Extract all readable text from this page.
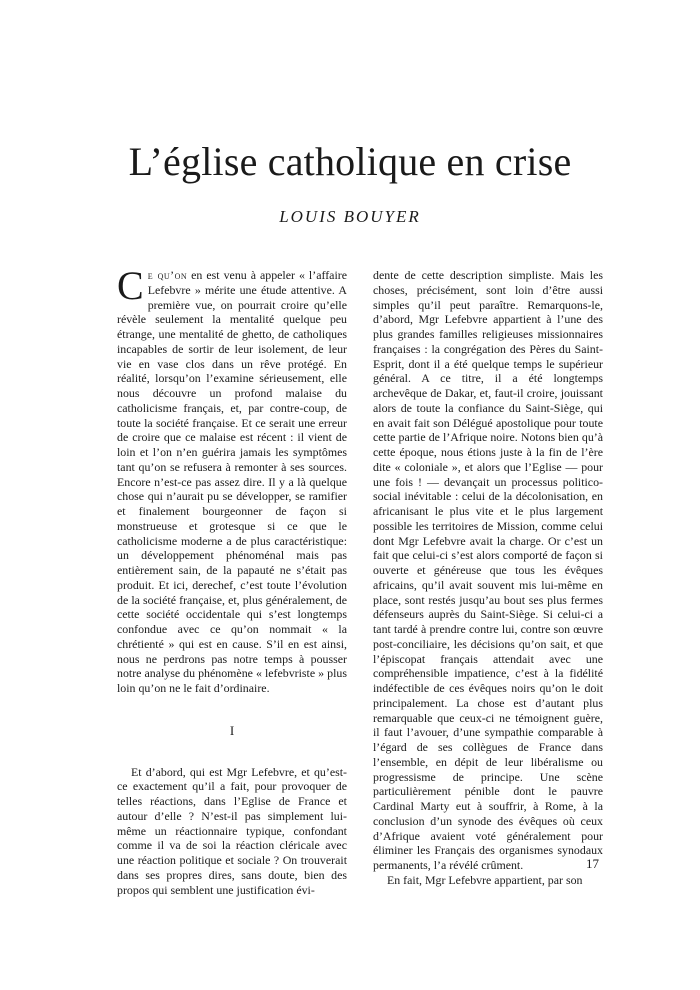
L’église catholique en crise
LOUIS BOUYER

Ce qu’on en est venu à appeler « l’affaire Lefebvre » mérite une étude attentive. A première vue, on pourrait croire qu’elle révèle seulement la mentalité quelque peu étrange, une mentalité de ghetto, de catholiques incapables de sortir de leur isolement, de leur vie en vase clos dans un rêve protégé. En réalité, lorsqu’on l’examine sérieusement, elle nous découvre un profond malaise du catholicisme français, et, par contre-coup, de toute la société française. Et ce serait une erreur de croire que ce malaise est récent : il vient de loin et l’on n’en guérira jamais les symptômes tant qu’on se refusera à remonter à ses sources. Encore n’est-ce pas assez dire. Il y a là quelque chose qui n’aurait pu se développer, se ramifier et finalement bourgeonner de façon si monstrueuse et grotesque si ce que le catholicisme moderne a de plus caractéristique: un développement phénoménal mais pas entièrement sain, de la papauté ne s’était pas produit. Et ici, derechef, c’est toute l’évolution de la société française, et, plus généralement, de cette société occidentale qui s’est longtemps confondue avec ce qu’on nommait « la chrétienté » qui est en cause. S’il en est ainsi, nous ne perdrons pas notre temps à pousser notre analyse du phénomène « lefebvriste » plus loin qu’on ne le fait d’ordinaire.

I

Et d’abord, qui est Mgr Lefebvre, et qu’est-ce exactement qu’il a fait, pour provoquer de telles réactions, dans l’Eglise de France et autour d’elle ? N’est-il pas simplement lui-même un réactionnaire typique, confondant comme il va de soi la réaction cléricale avec une réaction politique et sociale ? On trouverait dans ses propres dires, sans doute, bien des propos qui semblent une justification évi-

dente de cette description simpliste. Mais les choses, précisément, sont loin d’être aussi simples qu’il peut paraître. Remarquons-le, d’abord, Mgr Lefebvre appartient à l’une des plus grandes familles religieuses missionnaires françaises : la congrégation des Pères du Saint-Esprit, dont il a été quelque temps le supérieur général. A ce titre, il a été longtemps archevêque de Dakar, et, faut-il croire, jouissant alors de toute la confiance du Saint-Siège, qui en avait fait son Délégué apostolique pour toute cette partie de l’Afrique noire. Notons bien qu’à cette époque, nous étions juste à la fin de l’ère dite « coloniale », et alors que l’Eglise — pour une fois ! — devançait un processus politico-social inévitable : celui de la décolonisation, en africanisant le plus vite et le plus largement possible les territoires de Mission, comme celui dont Mgr Lefebvre avait la charge. Or c’est un fait que celui-ci s’est alors comporté de façon si ouverte et généreuse que tous les évêques africains, qu’il avait souvent mis lui-même en place, sont restés jusqu’au bout ses plus fermes défenseurs auprès du Saint-Siège. Si celui-ci a tant tardé à prendre contre lui, contre son œuvre post-conciliaire, les décisions qu’on sait, et que l’épiscopat français attendait avec une compréhensible impatience, c’est à la fidélité indéfectible de ces évêques noirs qu’on le doit principalement. La chose est d’autant plus remarquable que ceux-ci ne témoignent guère, il faut l’avouer, d’une sympathie comparable à l’égard de ses collègues de France dans l’ensemble, en dépit de leur libéralisme ou progressisme de principe. Une scène particulièrement pénible dont le pauvre Cardinal Marty eut à souffrir, à Rome, à la conclusion d’un synode des évêques où ceux d’Afrique avaient voté généralement pour éliminer les Français des organismes synodaux permanents, l’a révélé crûment.

En fait, Mgr Lefebvre appartient, par son

17
